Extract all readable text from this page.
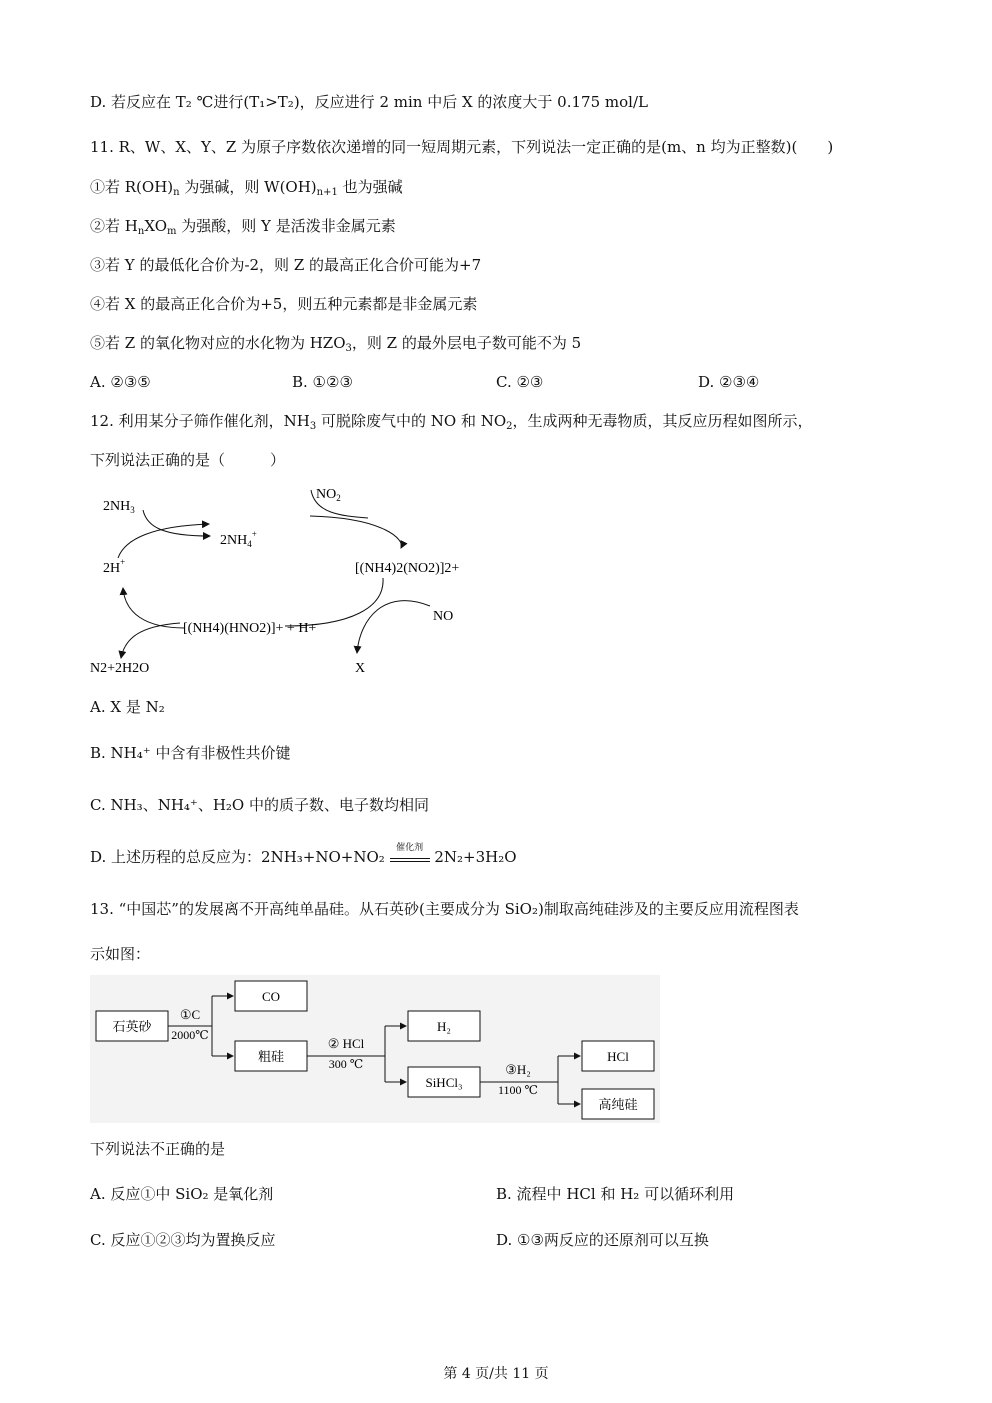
D. 若反应在 T₂ ℃进行(T₁>T₂)，反应进行 2 min 中后 X 的浓度大于 0.175 mol/L
11. R、W、X、Y、Z 为原子序数依次递增的同一短周期元素，下列说法一定正确的是(m、n 均为正整数)(　　)
①若 $R(OH)_n$ 为强碱，则 $W(OH)_{n+1}$ 也为强碱
②若 $H_nXO_m$ 为强酸，则 Y 是活泼非金属元素
③若 Y 的最低化合价为-2，则 Z 的最高正化合价可能为+7
④若 X 的最高正化合价为+5，则五种元素都是非金属元素
⑤若 Z 的氧化物对应的水化物为 $HZO_3$，则 Z 的最外层电子数可能不为 5
A. ②③⑤	B. ①②③	C. ②③	D. ②③④
12. 利用某分子筛作催化剂，$NH_3$ 可脱除废气中的 NO 和 $NO_2$，生成两种无毒物质，其反应历程如图所示，
下列说法正确的是（　　　）
$2NH_3$
$2NH_4^+$
$NO_2$
2H+	[(NH4)2(NO2)]2+
NO
[(NH4)(HNO2)]+ + H+
N2+2H2O	X
A. X 是 N₂
B. NH₄⁺ 中含有非极性共价键
C. NH₃、NH₄⁺、H₂O 中的质子数、电子数均相同
D. 上述历程的总反应为：2NH₃+NO+NO₂	催化剂 2N₂+3H₂O
13. “中国芯”的发展离不开高纯单晶硅。从石英砂(主要成分为 SiO₂)制取高纯硅涉及的主要反应用流程图表
示如图：
石英砂
①C
2000℃
CO
粗硅
② HCl
300 ℃
H₂
SiHCl₃
③H₂
1100 ℃
HCl
高纯硅
下列说法不正确的是
A. 反应①中 SiO₂ 是氧化剂	B. 流程中 HCl 和 H₂ 可以循环利用
C. 反应①②③均为置换反应	D. ①③两反应的还原剂可以互换
第 4 页/共 11 页
